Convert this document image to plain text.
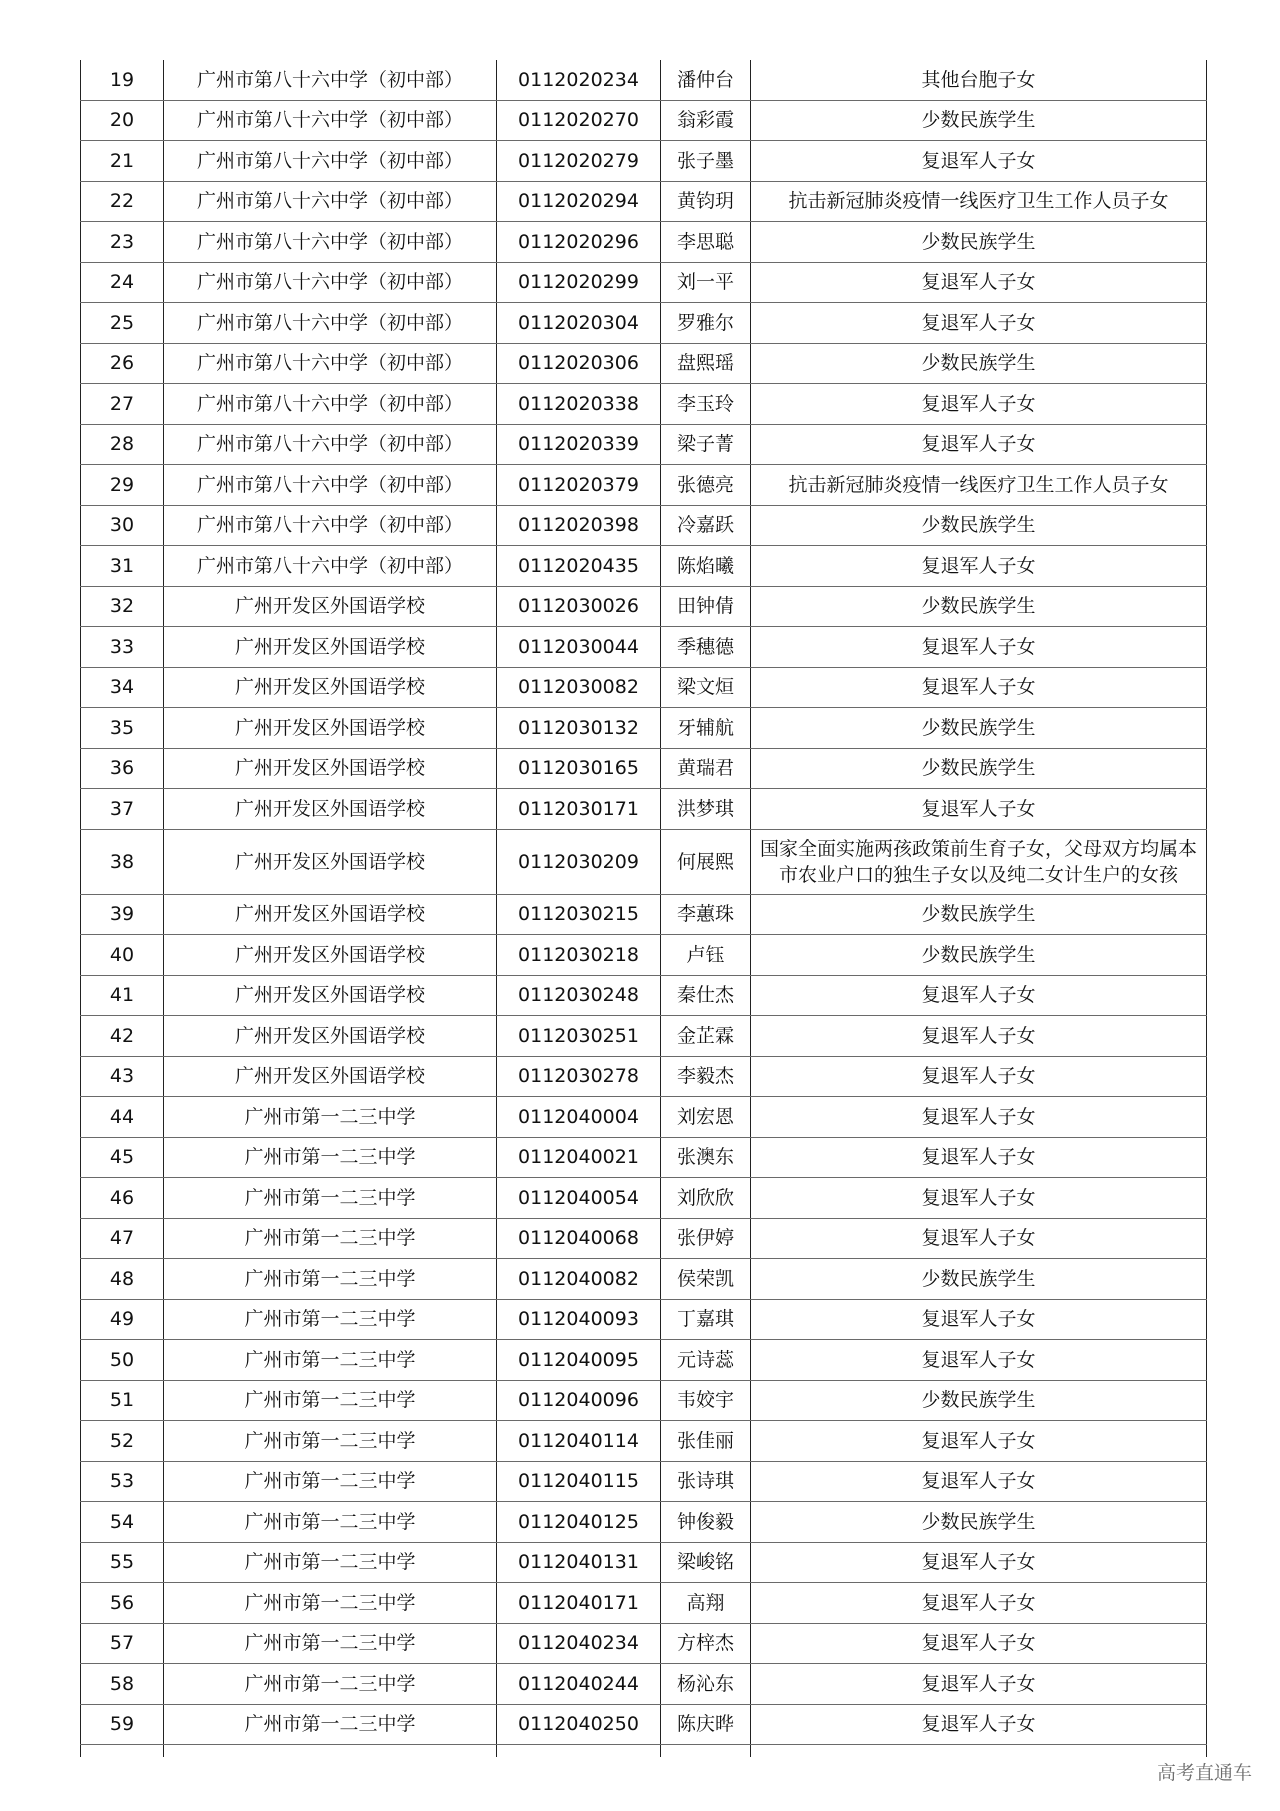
19	广州市第八十六中学（初中部）	0112020234	潘仲台	其他台胞子女
20	广州市第八十六中学（初中部）	0112020270	翁彩霞	少数民族学生
21	广州市第八十六中学（初中部）	0112020279	张子墨	复退军人子女
22	广州市第八十六中学（初中部）	0112020294	黄钧玥	抗击新冠肺炎疫情一线医疗卫生工作人员子女
23	广州市第八十六中学（初中部）	0112020296	李思聪	少数民族学生
24	广州市第八十六中学（初中部）	0112020299	刘一平	复退军人子女
25	广州市第八十六中学（初中部）	0112020304	罗雅尔	复退军人子女
26	广州市第八十六中学（初中部）	0112020306	盘熙瑶	少数民族学生
27	广州市第八十六中学（初中部）	0112020338	李玉玲	复退军人子女
28	广州市第八十六中学（初中部）	0112020339	梁子菁	复退军人子女
29	广州市第八十六中学（初中部）	0112020379	张德亮	抗击新冠肺炎疫情一线医疗卫生工作人员子女
30	广州市第八十六中学（初中部）	0112020398	冷嘉跃	少数民族学生
31	广州市第八十六中学（初中部）	0112020435	陈焰曦	复退军人子女
32	广州开发区外国语学校	0112030026	田钟倩	少数民族学生
33	广州开发区外国语学校	0112030044	季穗德	复退军人子女
34	广州开发区外国语学校	0112030082	梁文烜	复退军人子女
35	广州开发区外国语学校	0112030132	牙辅航	少数民族学生
36	广州开发区外国语学校	0112030165	黄瑞君	少数民族学生
37	广州开发区外国语学校	0112030171	洪梦琪	复退军人子女
38	广州开发区外国语学校	0112030209	何展熙	国家全面实施两孩政策前生育子女，父母双方均属本市农业户口的独生子女以及纯二女计生户的女孩
39	广州开发区外国语学校	0112030215	李蕙珠	少数民族学生
40	广州开发区外国语学校	0112030218	卢钰	少数民族学生
41	广州开发区外国语学校	0112030248	秦仕杰	复退军人子女
42	广州开发区外国语学校	0112030251	金芷霖	复退军人子女
43	广州开发区外国语学校	0112030278	李毅杰	复退军人子女
44	广州市第一二三中学	0112040004	刘宏恩	复退军人子女
45	广州市第一二三中学	0112040021	张澳东	复退军人子女
46	广州市第一二三中学	0112040054	刘欣欣	复退军人子女
47	广州市第一二三中学	0112040068	张伊婷	复退军人子女
48	广州市第一二三中学	0112040082	侯荣凯	少数民族学生
49	广州市第一二三中学	0112040093	丁嘉琪	复退军人子女
50	广州市第一二三中学	0112040095	元诗蕊	复退军人子女
51	广州市第一二三中学	0112040096	韦姣宇	少数民族学生
52	广州市第一二三中学	0112040114	张佳丽	复退军人子女
53	广州市第一二三中学	0112040115	张诗琪	复退军人子女
54	广州市第一二三中学	0112040125	钟俊毅	少数民族学生
55	广州市第一二三中学	0112040131	梁峻铭	复退军人子女
56	广州市第一二三中学	0112040171	高翔	复退军人子女
57	广州市第一二三中学	0112040234	方梓杰	复退军人子女
58	广州市第一二三中学	0112040244	杨沁东	复退军人子女
59	广州市第一二三中学	0112040250	陈庆晔	复退军人子女

高考直通车
